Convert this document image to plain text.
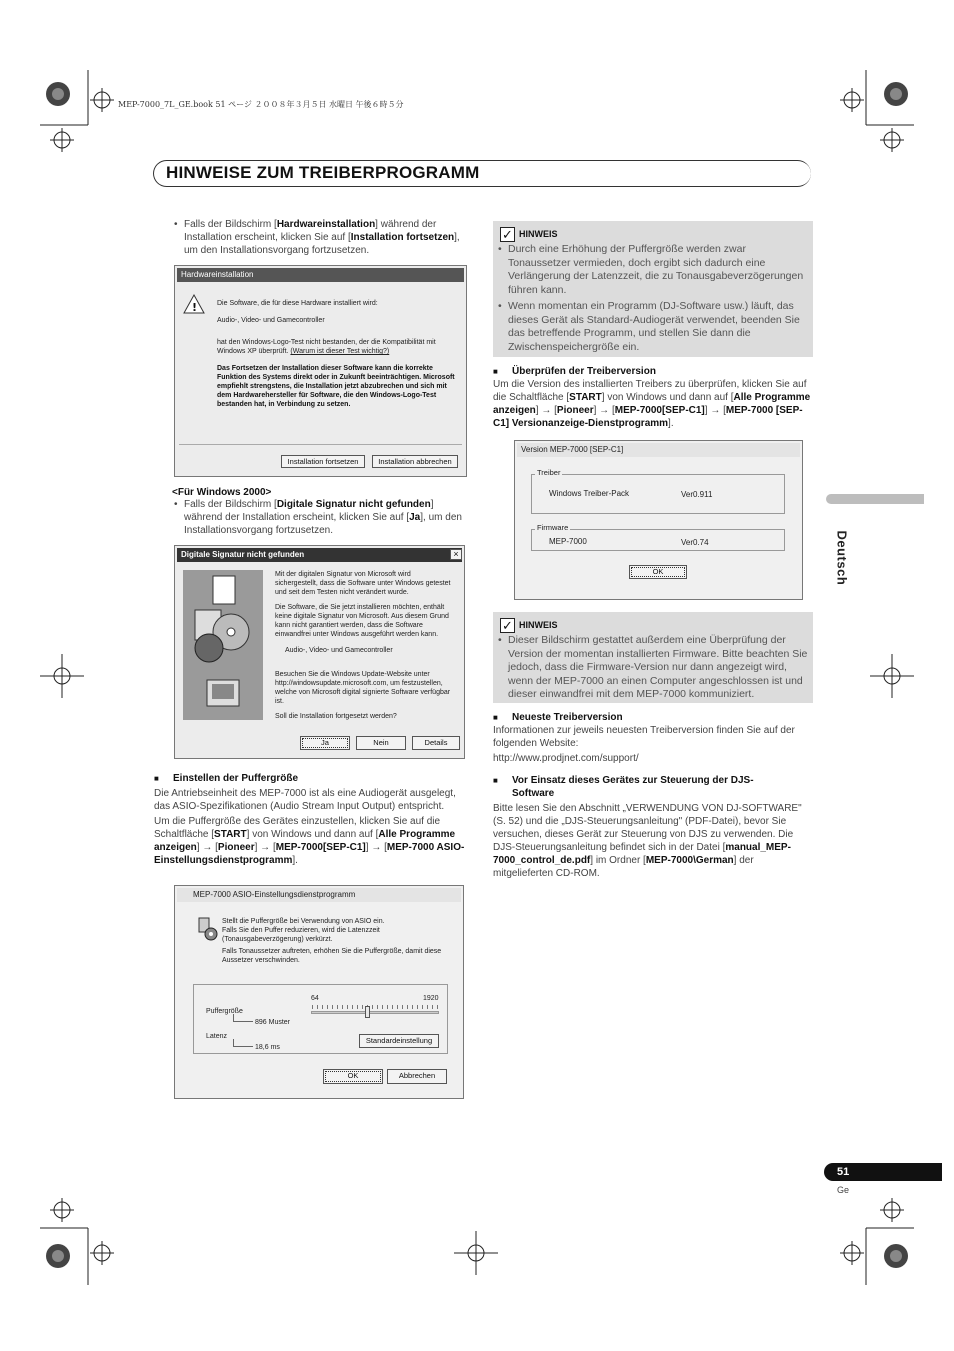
MEP-7000_7L_GE.book 51 ページ ２００８年３月５日 水曜日 午後６時５分
HINWEISE ZUM TREIBERPROGRAMM
Deutsch

• Falls der Bildschirm [Hardwareinstallation] während der Installation erscheint, klicken Sie auf [Installation fortsetzen], um den Installationsvorgang fortzusetzen.

Hardwareinstallation
!	Die Software, die für diese Hardware installiert wird:
Audio-, Video- und Gamecontroller
hat den Windows-Logo-Test nicht bestanden, der die Kompatibilität mit Windows XP überprüft. (Warum ist dieser Test wichtig?)
Das Fortsetzen der Installation dieser Software kann die korrekte Funktion des Systems direkt oder in Zukunft beeinträchtigen. Microsoft empfiehlt strengstens, die Installation jetzt abzubrechen und sich mit dem Hardwarehersteller für Software, die den Windows-Logo-Test bestanden hat, in Verbindung zu setzen.
Installation fortsetzen	Installation abbrechen
<Für Windows 2000>

• Falls der Bildschirm [Digitale Signatur nicht gefunden] während der Installation erscheint, klicken Sie auf [Ja], um den Installationsvorgang fortzusetzen.

Digitale Signatur nicht gefunden	×
Mit der digitalen Signatur von Microsoft wird sichergestellt, dass die Software unter Windows getestet und seit dem Testen nicht verändert wurde.
Die Software, die Sie jetzt installieren möchten, enthält keine digitale Signatur von Microsoft. Aus diesem Grund kann nicht garantiert werden, dass die Software einwandfrei unter Windows ausgeführt werden kann.
Audio-, Video- und Gamecontroller
Besuchen Sie die Windows Update-Website unter http://windowsupdate.microsoft.com, um festzustellen, welche von Microsoft digital signierte Software verfügbar ist.
Soll die Installation fortgesetzt werden?
Ja	Nein	Details

■ Einstellen der Puffergröße

Die Antriebseinheit des MEP-7000 ist als eine Audiogerät ausgelegt, das ASIO-Spezifikationen (Audio Stream Input Output) entspricht.

Um die Puffergröße des Gerätes einzustellen, klicken Sie auf die Schaltfläche [START] von Windows und dann auf [Alle Programme anzeigen] → [Pioneer] → [MEP-7000[SEP-C1]] → [MEP-7000 ASIO-Einstellungsdienstprogramm].

MEP-7000 ASIO-Einstellungsdienstprogramm
Stellt die Puffergröße bei Verwendung von ASIO ein.
Falls Sie den Puffer reduzieren, wird die Latenzzeit (Tonausgabeverzögerung) verkürzt.
Falls Tonaussetzer auftreten, erhöhen Sie die Puffergröße, damit diese Aussetzer verschwinden.
64	1920
Puffergröße
896 Muster
Latenz
18,6 ms
Standardeinstellung
OK	Abbrechen
✓ HINWEIS

• Durch eine Erhöhung der Puffergröße werden zwar Tonaussetzer vermieden, doch ergibt sich dadurch eine Verlängerung der Latenzzeit, die zu Tonausgabeverzögerungen führen kann.

• Wenn momentan ein Programm (DJ-Software usw.) läuft, das dieses Gerät als Standard-Audiogerät verwendet, beenden Sie das betreffende Programm, und stellen Sie dann die Zwischenspeichergröße ein.

■ Überprüfen der Treiberversion

Um die Version des installierten Treibers zu überprüfen, klicken Sie auf die Schaltfläche [START] von Windows und dann auf [Alle Programme anzeigen] → [Pioneer] → [MEP-7000[SEP-C1]] → [MEP-7000 [SEP-C1] Versionanzeige-Dienstprogramm].

Version MEP-7000 [SEP-C1]
Treiber
Windows Treiber-Pack	Ver0.911
Firmware
MEP-7000	Ver0.74
OK
✓ HINWEIS

• Dieser Bildschirm gestattet außerdem eine Überprüfung der Version der momentan installierten Firmware. Bitte beachten Sie jedoch, dass die Firmware-Version nur dann angezeigt wird, wenn der MEP-7000 an einen Computer angeschlossen ist und dieser einwandfrei mit dem MEP-7000 kommuniziert.

■ Neueste Treiberversion

Informationen zur jeweils neuesten Treiberversion finden Sie auf der folgenden Website:

http://www.prodjnet.com/support/

■ Vor Einsatz dieses Gerätes zur Steuerung der DJS-Software

Bitte lesen Sie den Abschnitt „VERWENDUNG VON DJ-SOFTWARE" (S. 52) und die „DJS-Steuerungsanleitung" (PDF-Datei), bevor Sie versuchen, dieses Gerät zur Steuerung von DJS zu verwenden. Die DJS-Steuerungsanleitung befindet sich in der Datei [manual_MEP-7000_control_de.pdf] im Ordner [MEP-7000\German] der mitgelieferten CD-ROM.

51
Ge
